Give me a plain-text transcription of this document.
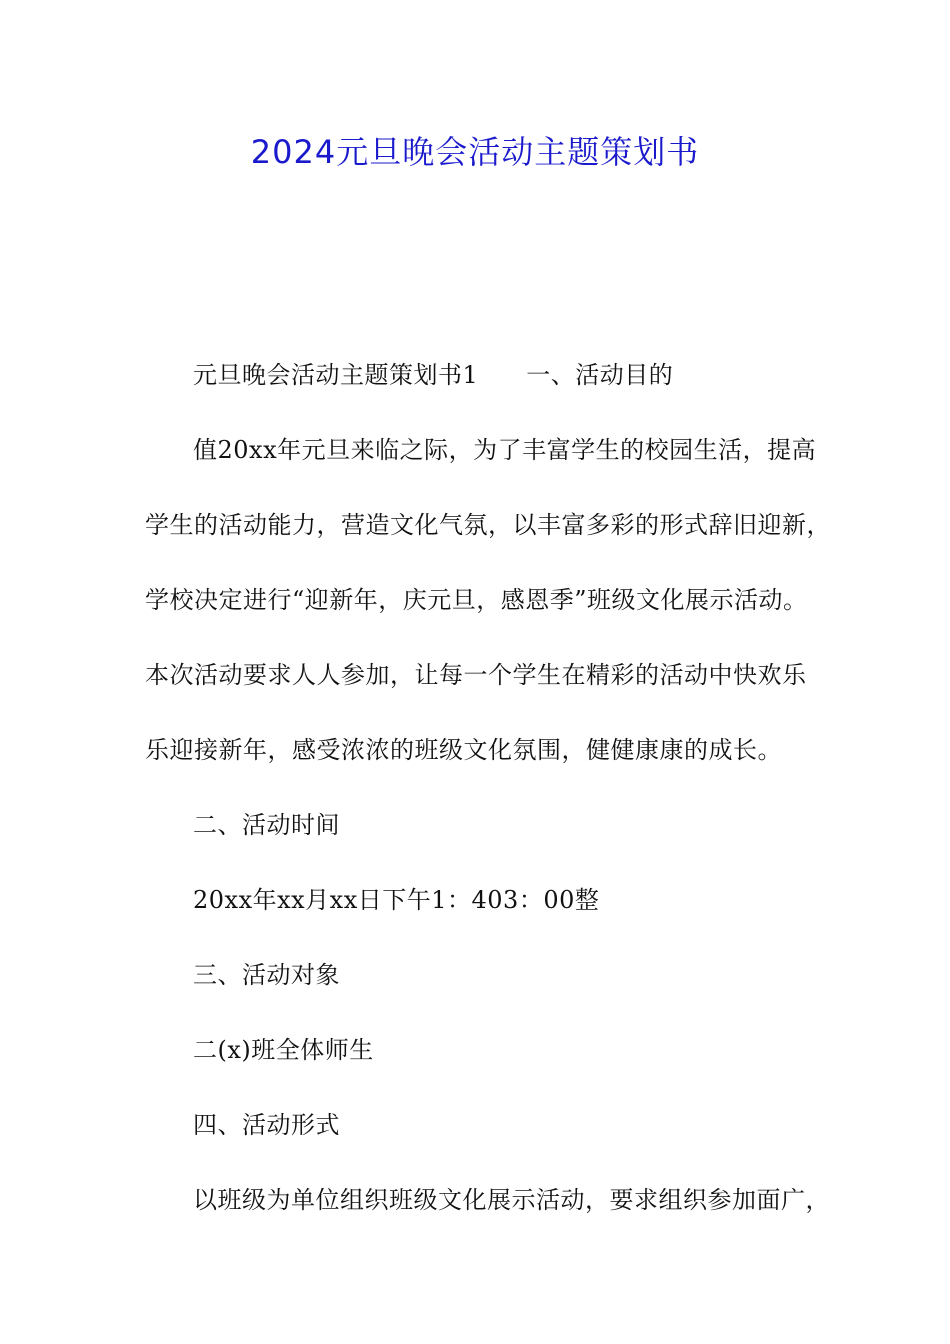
2024元旦晚会活动主题策划书

元旦晚会活动主题策划书1 一、活动目的

值20xx年元旦来临之际，为了丰富学生的校园生活，提高

学生的活动能力，营造文化气氛，以丰富多彩的形式辞旧迎新，

学校决定进行“迎新年，庆元旦，感恩季”班级文化展示活动。

本次活动要求人人参加，让每一个学生在精彩的活动中快欢乐

乐迎接新年，感受浓浓的班级文化氛围，健健康康的成长。

二、活动时间

20xx年xx月xx日下午1：403：00整

三、活动对象

二(x)班全体师生

四、活动形式

以班级为单位组织班级文化展示活动，要求组织参加面广，
